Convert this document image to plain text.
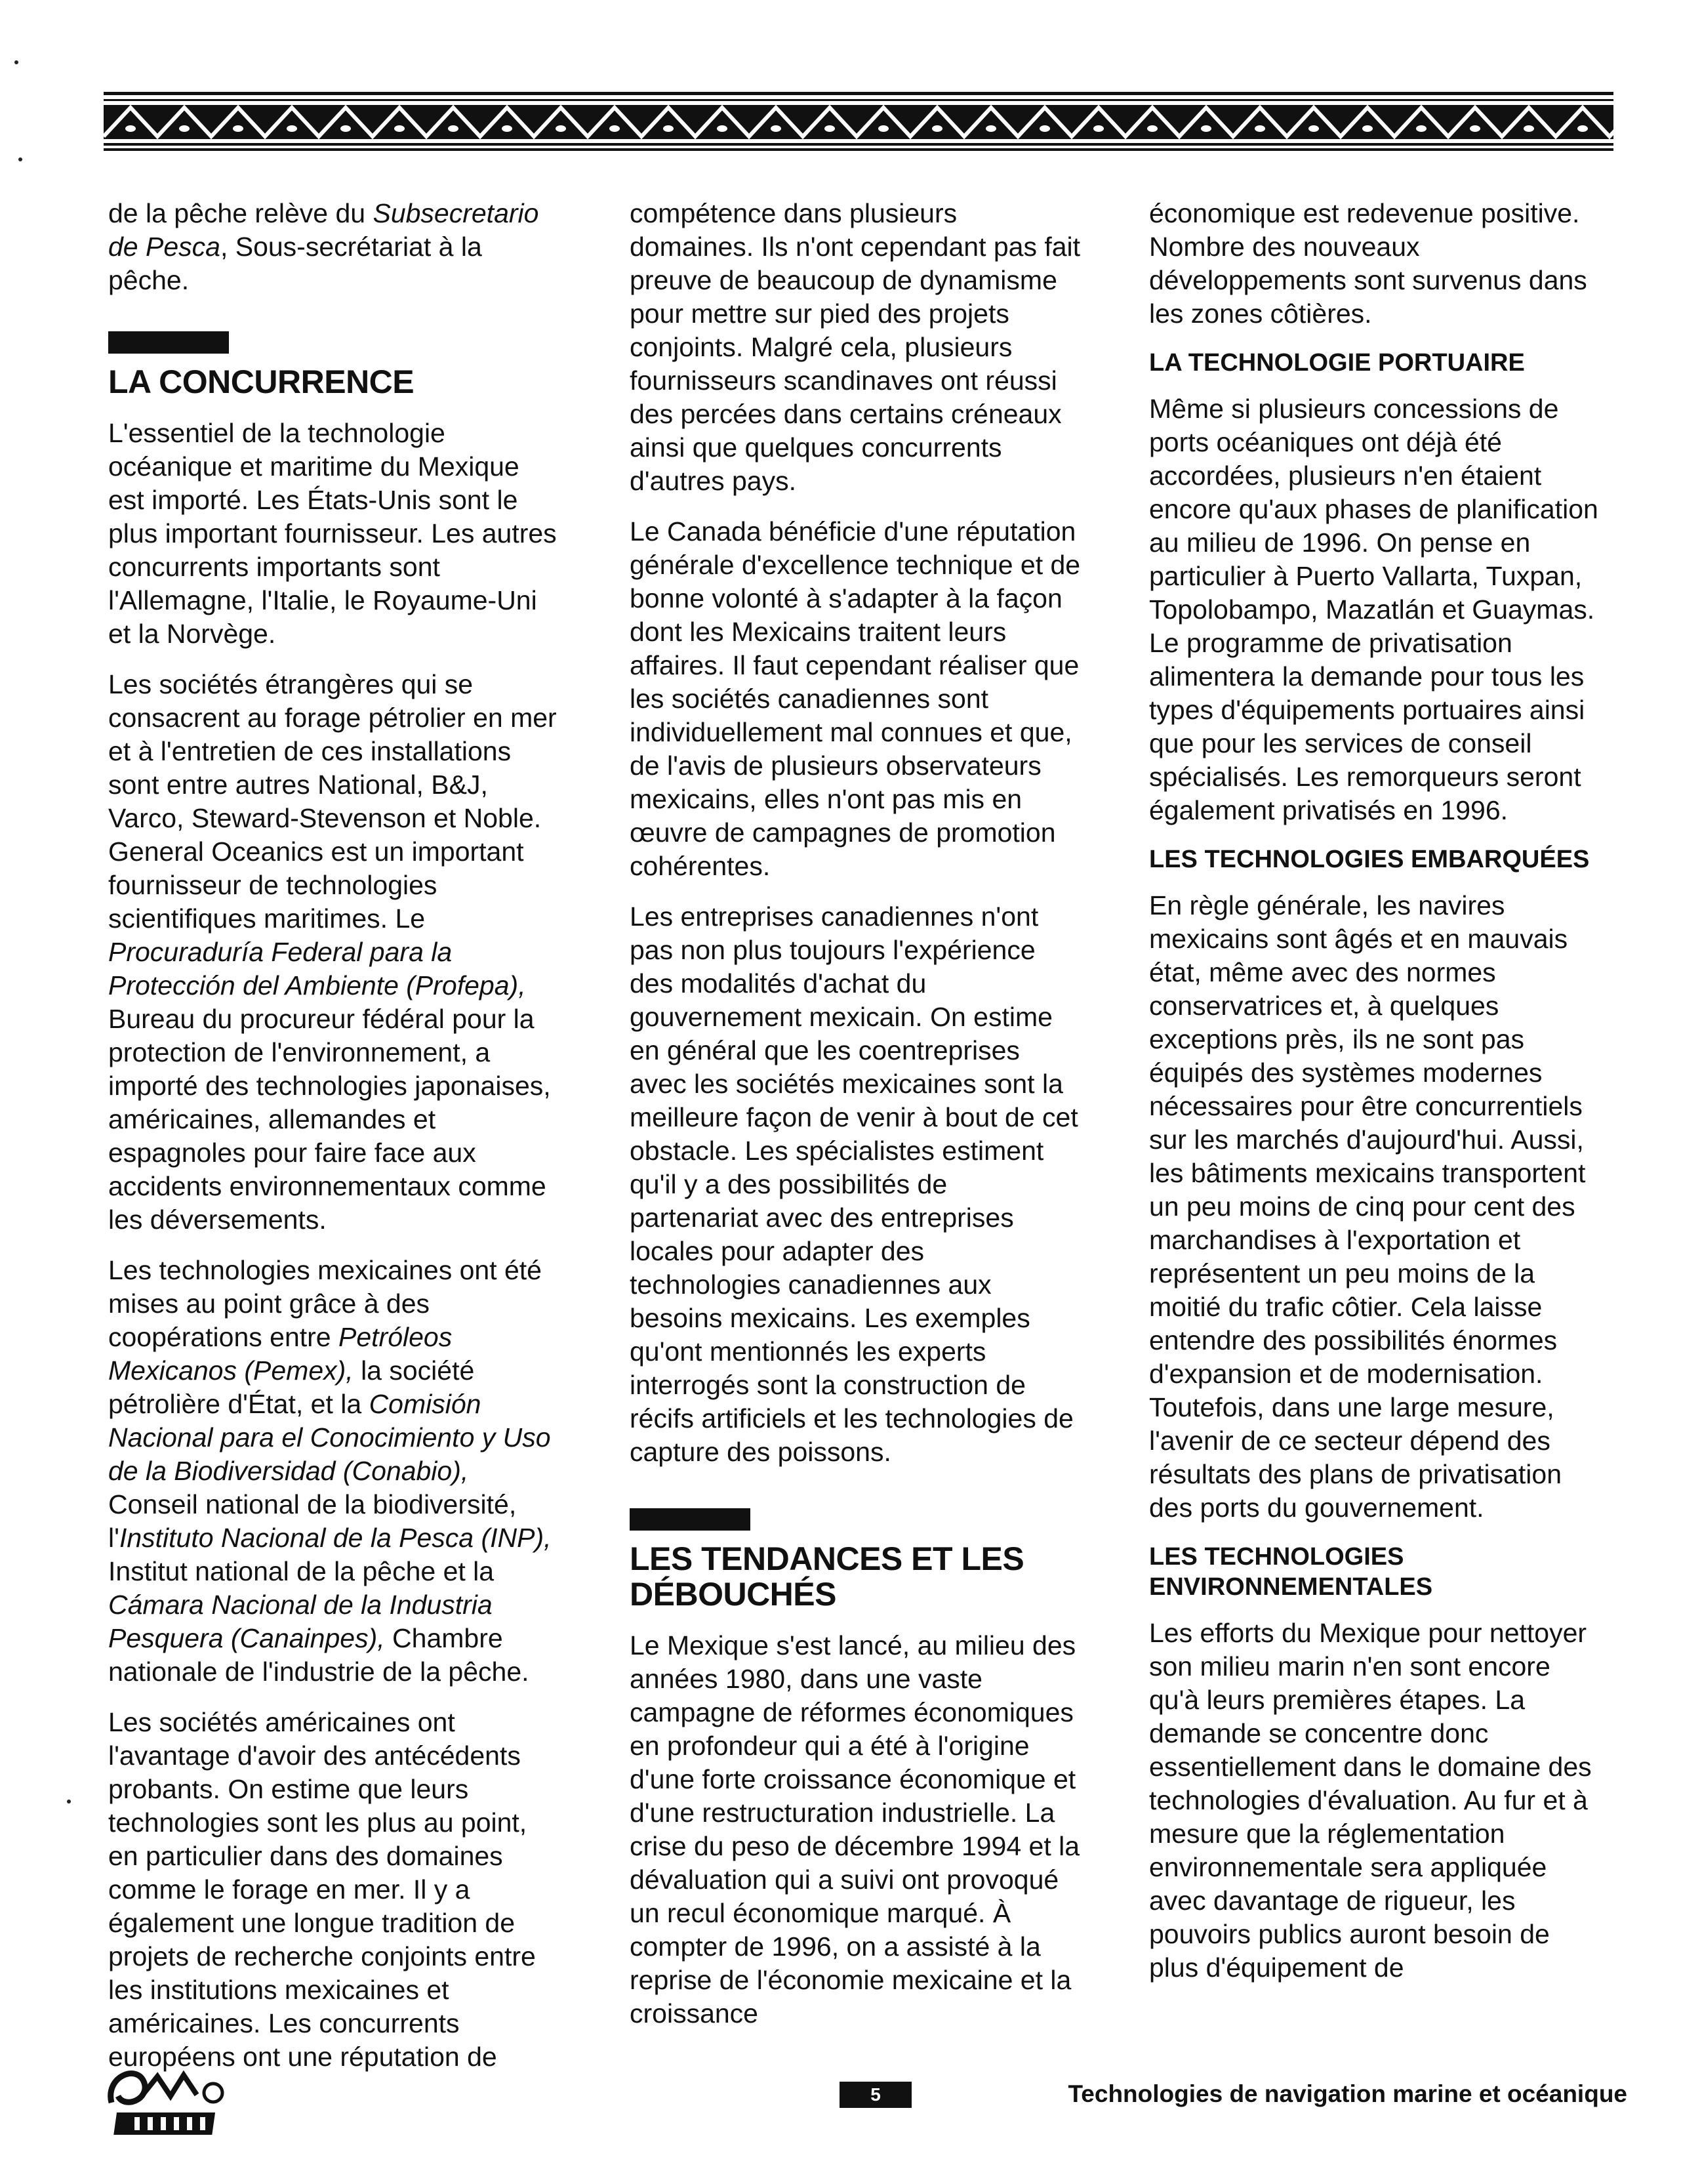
de la pêche relève du Subsecretario de Pesca, Sous-secrétariat à la pêche.

LA CONCURRENCE

L'essentiel de la technologie océanique et maritime du Mexique est importé. Les États-Unis sont le plus important fournisseur. Les autres concurrents importants sont l'Allemagne, l'Italie, le Royaume-Uni et la Norvège.

Les sociétés étrangères qui se consacrent au forage pétrolier en mer et à l'entretien de ces installations sont entre autres National, B&J, Varco, Steward-Stevenson et Noble. General Oceanics est un important fournisseur de technologies scientifiques maritimes. Le Procuraduría Federal para la Protección del Ambiente (Profepa), Bureau du procureur fédéral pour la protection de l'environnement, a importé des technologies japonaises, américaines, allemandes et espagnoles pour faire face aux accidents environnementaux comme les déversements.

Les technologies mexicaines ont été mises au point grâce à des coopérations entre Petróleos Mexicanos (Pemex), la société pétrolière d'État, et la Comisión Nacional para el Conocimiento y Uso de la Biodiversidad (Conabio), Conseil national de la biodiversité, l'Instituto Nacional de la Pesca (INP), Institut national de la pêche et la Cámara Nacional de la Industria Pesquera (Canainpes), Chambre nationale de l'industrie de la pêche.

Les sociétés américaines ont l'avantage d'avoir des antécédents probants. On estime que leurs technologies sont les plus au point, en particulier dans des domaines comme le forage en mer. Il y a également une longue tradition de projets de recherche conjoints entre les institutions mexicaines et américaines. Les concurrents européens ont une réputation de

compétence dans plusieurs domaines. Ils n'ont cependant pas fait preuve de beaucoup de dynamisme pour mettre sur pied des projets conjoints. Malgré cela, plusieurs fournisseurs scandinaves ont réussi des percées dans certains créneaux ainsi que quelques concurrents d'autres pays.

Le Canada bénéficie d'une réputation générale d'excellence technique et de bonne volonté à s'adapter à la façon dont les Mexicains traitent leurs affaires. Il faut cependant réaliser que les sociétés canadiennes sont individuellement mal connues et que, de l'avis de plusieurs observateurs mexicains, elles n'ont pas mis en œuvre de campagnes de promotion cohérentes.

Les entreprises canadiennes n'ont pas non plus toujours l'expérience des modalités d'achat du gouvernement mexicain. On estime en général que les coentreprises avec les sociétés mexicaines sont la meilleure façon de venir à bout de cet obstacle. Les spécialistes estiment qu'il y a des possibilités de partenariat avec des entreprises locales pour adapter des technologies canadiennes aux besoins mexicains. Les exemples qu'ont mentionnés les experts interrogés sont la construction de récifs artificiels et les technologies de capture des poissons.

LES TENDANCES ET LES DÉBOUCHÉS

Le Mexique s'est lancé, au milieu des années 1980, dans une vaste campagne de réformes économiques en profondeur qui a été à l'origine d'une forte croissance économique et d'une restructuration industrielle. La crise du peso de décembre 1994 et la dévaluation qui a suivi ont provoqué un recul économique marqué. À compter de 1996, on a assisté à la reprise de l'économie mexicaine et la croissance

économique est redevenue positive. Nombre des nouveaux développements sont survenus dans les zones côtières.

LA TECHNOLOGIE PORTUAIRE

Même si plusieurs concessions de ports océaniques ont déjà été accordées, plusieurs n'en étaient encore qu'aux phases de planification au milieu de 1996. On pense en particulier à Puerto Vallarta, Tuxpan, Topolobampo, Mazatlán et Guaymas. Le programme de privatisation alimentera la demande pour tous les types d'équipements portuaires ainsi que pour les services de conseil spécialisés. Les remorqueurs seront également privatisés en 1996.

LES TECHNOLOGIES EMBARQUÉES

En règle générale, les navires mexicains sont âgés et en mauvais état, même avec des normes conservatrices et, à quelques exceptions près, ils ne sont pas équipés des systèmes modernes nécessaires pour être concurrentiels sur les marchés d'aujourd'hui. Aussi, les bâtiments mexicains transportent un peu moins de cinq pour cent des marchandises à l'exportation et représentent un peu moins de la moitié du trafic côtier. Cela laisse entendre des possibilités énormes d'expansion et de modernisation. Toutefois, dans une large mesure, l'avenir de ce secteur dépend des résultats des plans de privatisation des ports du gouvernement.

LES TECHNOLOGIES ENVIRONNEMENTALES

Les efforts du Mexique pour nettoyer son milieu marin n'en sont encore qu'à leurs premières étapes. La demande se concentre donc essentiellement dans le domaine des technologies d'évaluation. Au fur et à mesure que la réglementation environnementale sera appliquée avec davantage de rigueur, les pouvoirs publics auront besoin de plus d'équipement de

5	Technologies de navigation marine et océanique
